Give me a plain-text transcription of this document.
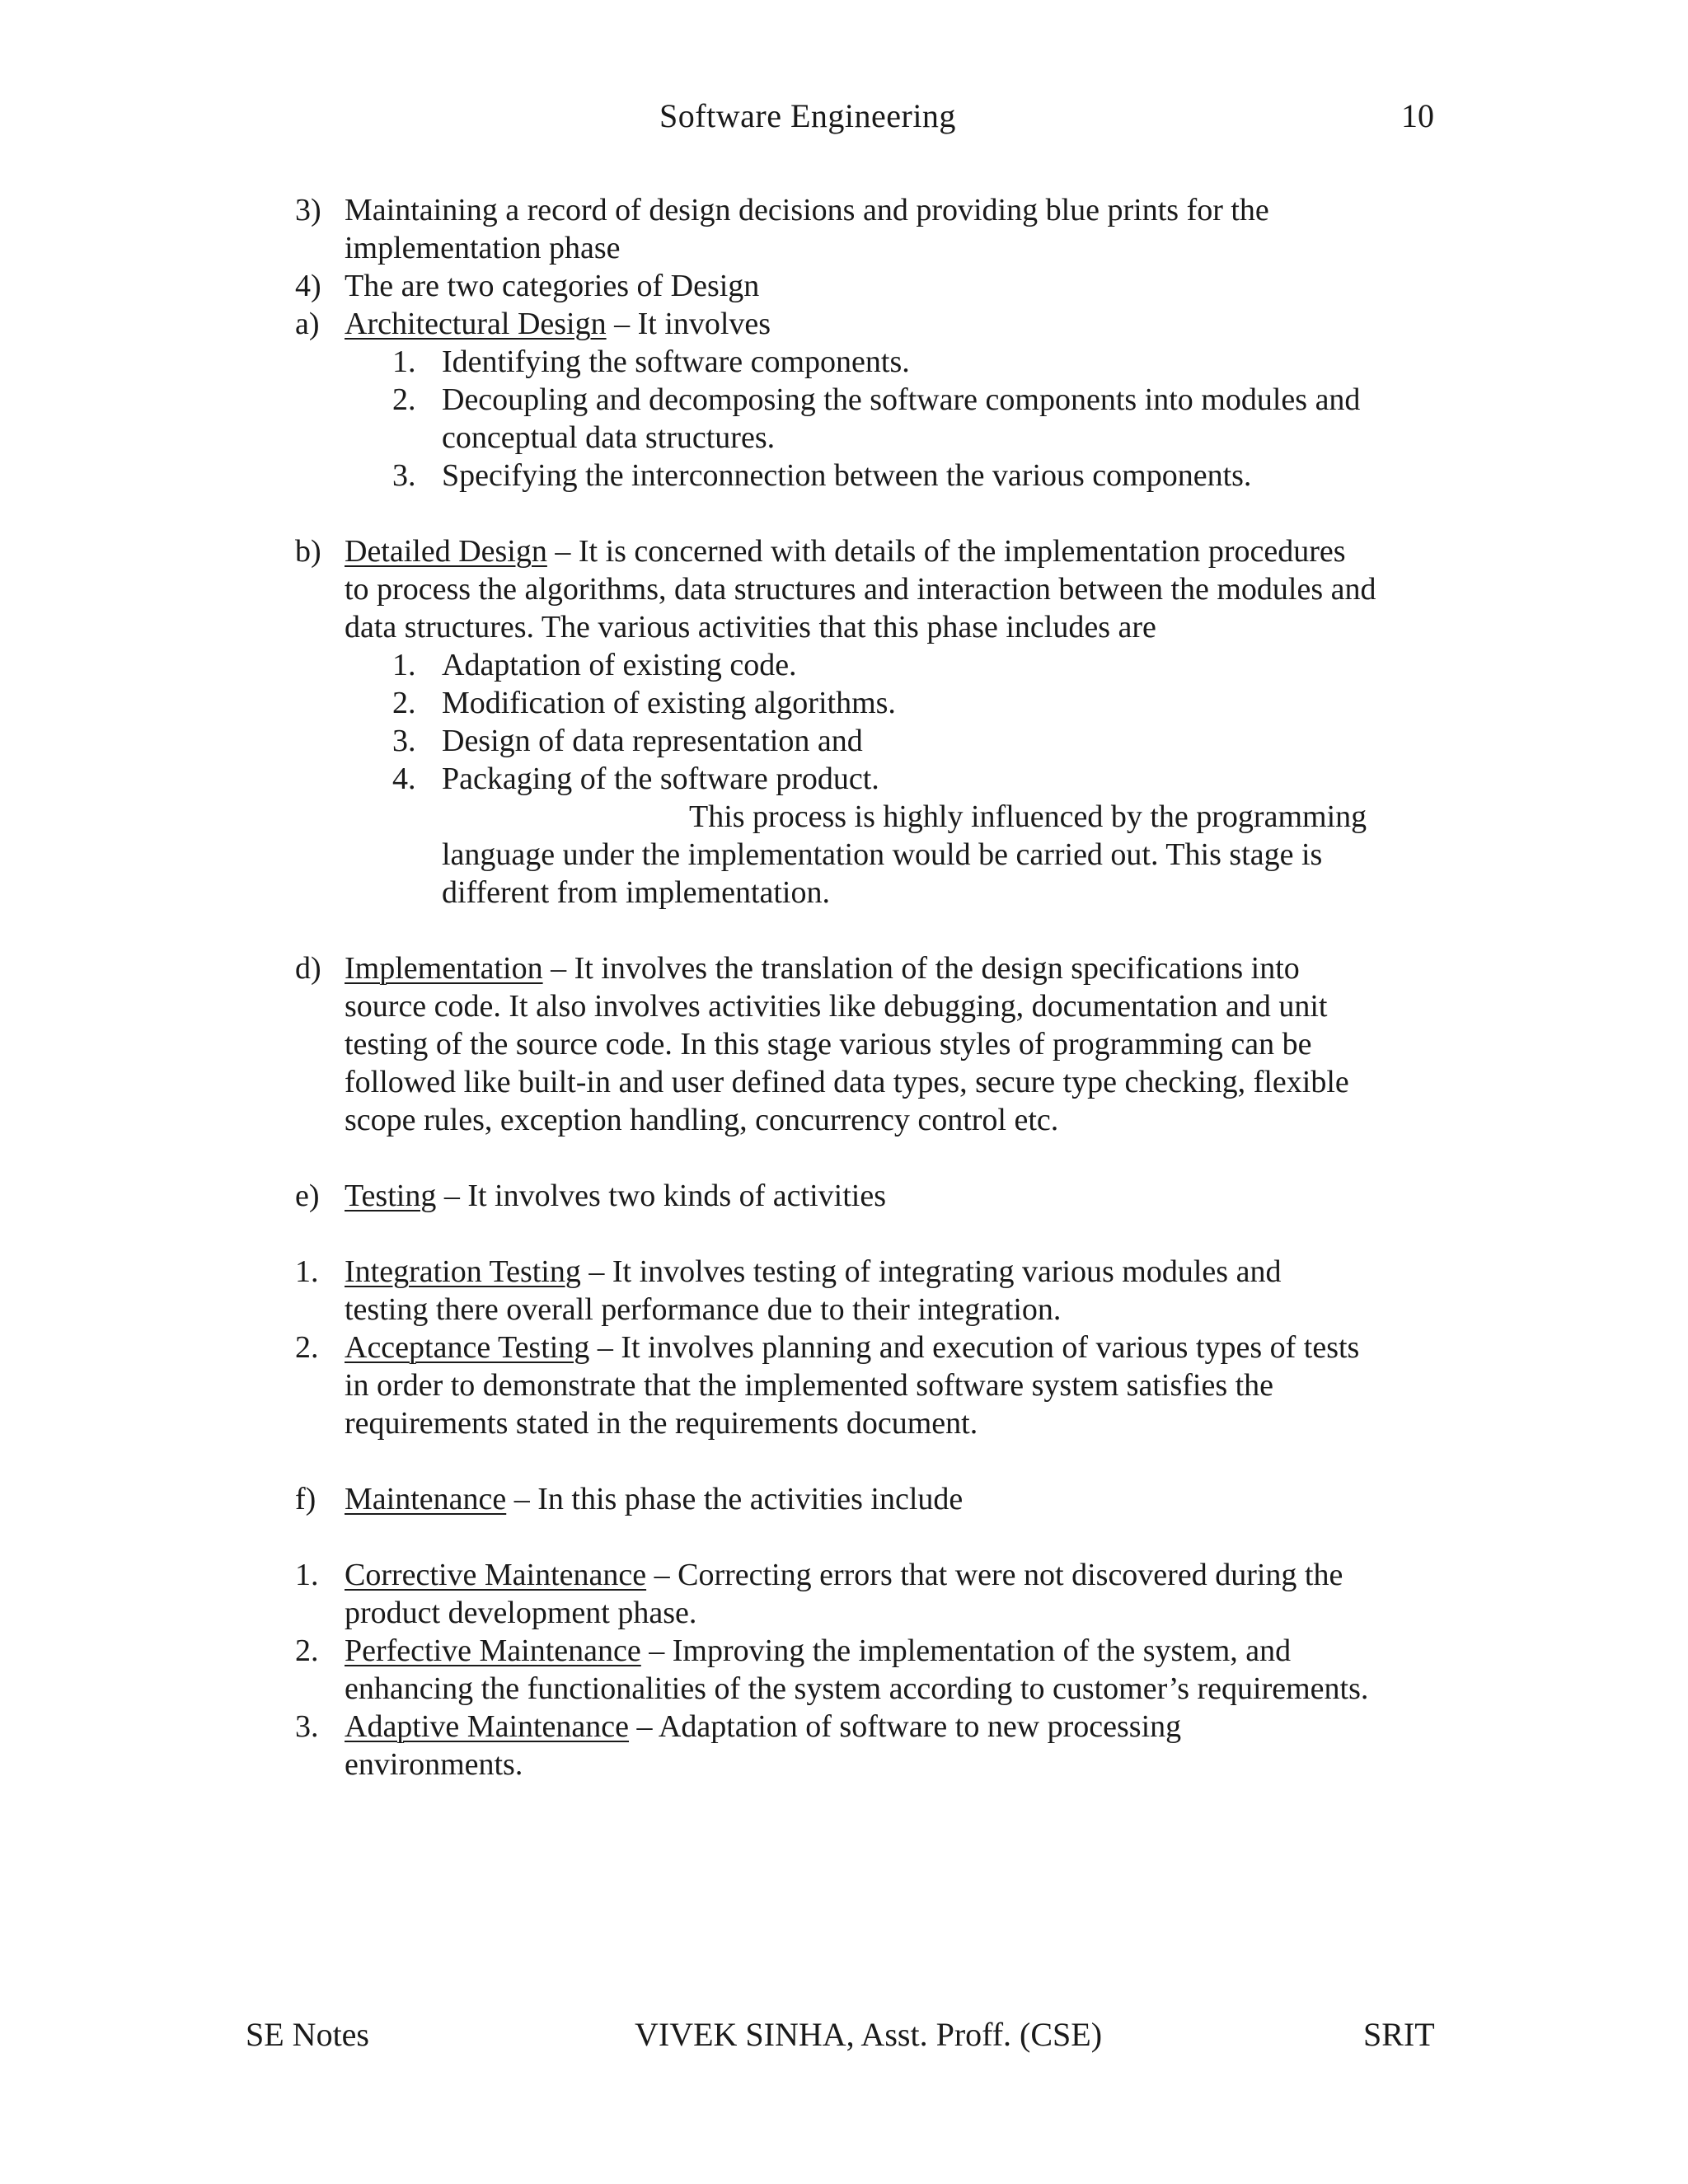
Software Engineering	10
3) Maintaining a record of design decisions and providing blue prints for the
implementation phase
4) The are two categories of Design
a) Architectural Design – It involves
1. Identifying the software components.
2. Decoupling and decomposing the software components into modules and
conceptual data structures.
3. Specifying the interconnection between the various components.
b) Detailed Design – It is concerned with details of the implementation procedures
to process the algorithms, data structures and interaction between the modules and
data structures. The various activities that this phase includes are
1. Adaptation of existing code.
2. Modification of existing algorithms.
3. Design of data representation and
4. Packaging of the software product.
This process is highly influenced by the programming
language under the implementation would be carried out. This stage is
different from implementation.
d) Implementation – It involves the translation of the design specifications into
source code. It also involves activities like debugging, documentation and unit
testing of the source code. In this stage various styles of programming can be
followed like built-in and user defined data types, secure type checking, flexible
scope rules, exception handling, concurrency control etc.
e) Testing – It involves two kinds of activities
1. Integration Testing – It involves testing of integrating various modules and
testing there overall performance due to their integration.
2. Acceptance Testing – It involves planning and execution of various types of tests
in order to demonstrate that the implemented software system satisfies the
requirements stated in the requirements document.
f) Maintenance – In this phase the activities include
1. Corrective Maintenance – Correcting errors that were not discovered during the
product development phase.
2. Perfective Maintenance – Improving the implementation of the system, and
enhancing the functionalities of the system according to customer’s requirements.
3. Adaptive Maintenance – Adaptation of software to new processing
environments.
SE Notes	VIVEK SINHA, Asst. Proff. (CSE)	SRIT
